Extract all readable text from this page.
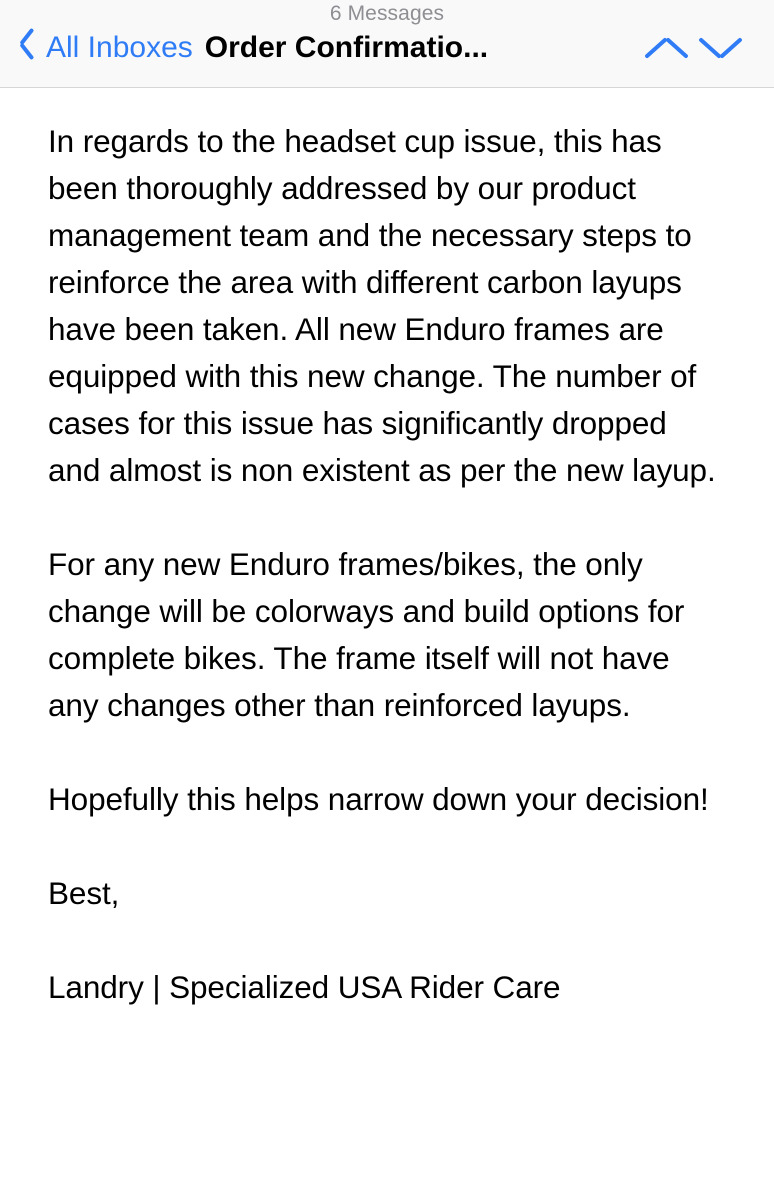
6 Messages
All Inboxes Order Confirmatio...

In regards to the headset cup issue, this has been thoroughly addressed by our product management team and the necessary steps to reinforce the area with different carbon layups have been taken. All new Enduro frames are equipped with this new change. The number of cases for this issue has significantly dropped and almost is non existent as per the new layup.

For any new Enduro frames/bikes, the only change will be colorways and build options for complete bikes. The frame itself will not have any changes other than reinforced layups.

Hopefully this helps narrow down your decision!

Best,

Landry | Specialized USA Rider Care
